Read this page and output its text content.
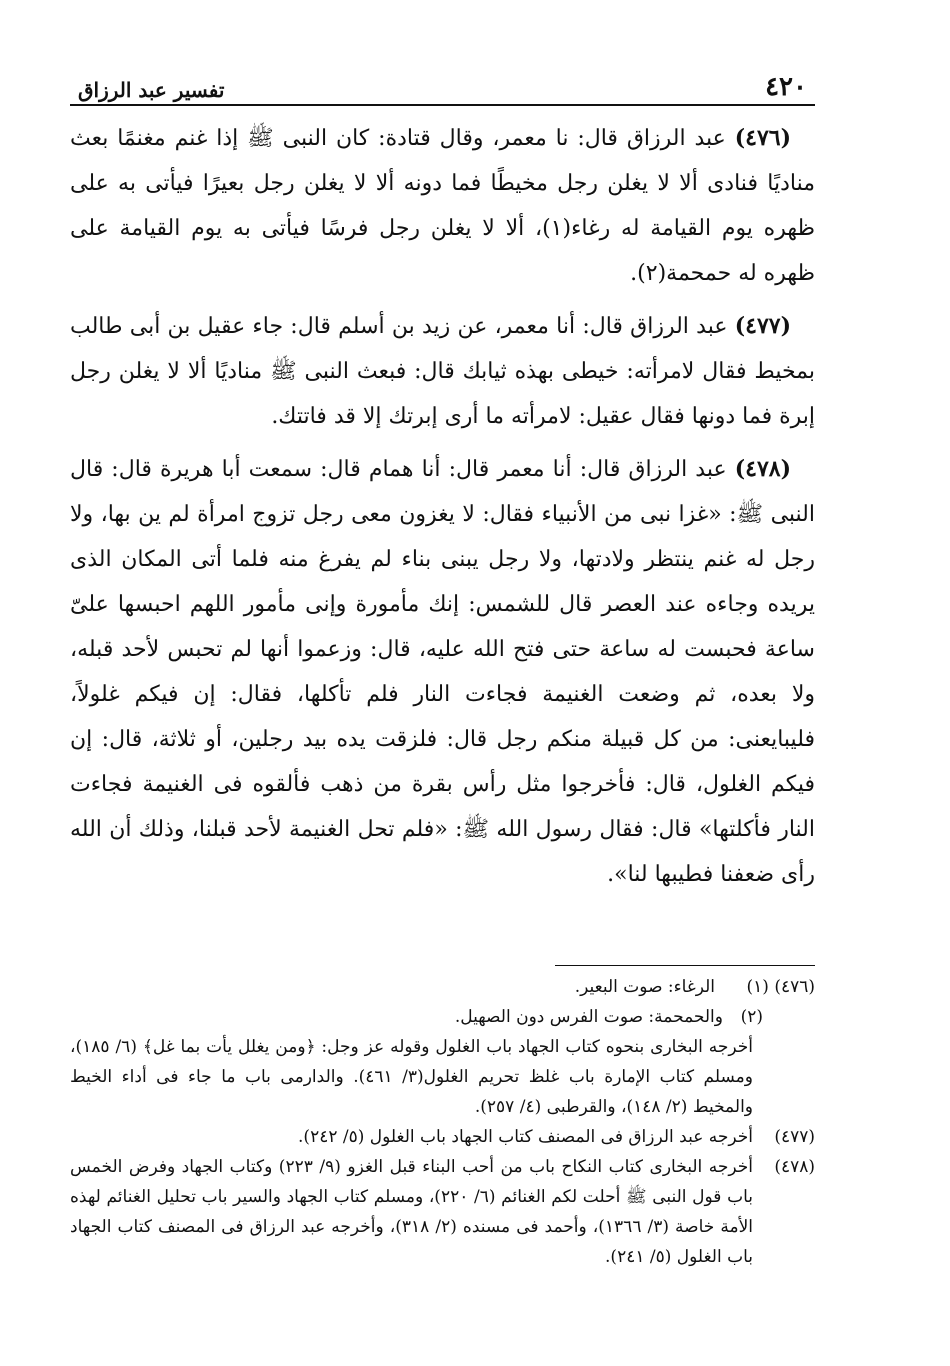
٤٢٠
تفسير عبد الرزاق

(٤٧٦) عبد الرزاق قال: نا معمر، وقال قتادة: كان النبى ﷺ إذا غنم مغنمًا بعث مناديًا فنادى ألا لا يغلن رجل مخيطًا فما دونه ألا لا يغلن رجل بعيرًا فيأتى به على ظهره يوم القيامة له رغاء(١)، ألا لا يغلن رجل فرسًا فيأتى به يوم القيامة على ظهره له حمحمة(٢).

(٤٧٧) عبد الرزاق قال: أنا معمر، عن زيد بن أسلم قال: جاء عقيل بن أبى طالب بمخيط فقال لامرأته: خيطى بهذه ثيابك قال: فبعث النبى ﷺ مناديًا ألا لا يغلن رجل إبرة فما دونها فقال عقيل: لامرأته ما أرى إبرتك إلا قد فاتتك.

(٤٧٨) عبد الرزاق قال: أنا معمر قال: أنا همام قال: سمعت أبا هريرة قال: قال النبى ﷺ: «غزا نبى من الأنبياء فقال: لا يغزون معى رجل تزوج امرأة لم ين بها، ولا رجل له غنم ينتظر ولادتها، ولا رجل يبنى بناء لم يفرغ منه فلما أتى المكان الذى يريده وجاءه عند العصر قال للشمس: إنك مأمورة وإنى مأمور اللهم احبسها علىّ ساعة فحبست له ساعة حتى فتح الله عليه، قال: وزعموا أنها لم تحبس لأحد قبله، ولا بعده، ثم وضعت الغنيمة فجاءت النار فلم تأكلها، فقال: إن فيكم غلولاً، فليبايعنى: من كل قبيلة منكم رجل قال: فلزقت يده بيد رجلين، أو ثلاثة، قال: إن فيكم الغلول، قال: فأخرجوا مثل رأس بقرة من ذهب فألقوه فى الغنيمة فجاءت النار فأكلتها» قال: فقال رسول الله ﷺ: «فلم تحل الغنيمة لأحد قبلنا، وذلك أن الله رأى ضعفنا فطيبها لنا».

(٤٧٦) (١)
الرغاء: صوت البعير.
(٢)
والحمحمة: صوت الفرس دون الصهيل.
أخرجه البخارى بنحوه كتاب الجهاد باب الغلول وقوله عز وجل: ﴿ومن يغلل يأت بما غل﴾ (٦/ ١٨٥)، ومسلم كتاب الإمارة باب غلظ تحريم الغلول(٣/ ٤٦١). والدارمى باب ما جاء فى أداء الخيط والمخيط (٢/ ١٤٨)، والقرطبى (٤/ ٢٥٧).
(٤٧٧)
أخرجه عبد الرزاق فى المصنف كتاب الجهاد باب الغلول (٥/ ٢٤٢).
(٤٧٨)
أخرجه البخارى كتاب النكاح باب من أحب البناء قبل الغزو (٩/ ٢٢٣) وكتاب الجهاد وفرض الخمس باب قول النبى ﷺ أحلت لكم الغنائم (٦/ ٢٢٠)، ومسلم كتاب الجهاد والسير باب تحليل الغنائم لهذه الأمة خاصة (٣/ ١٣٦٦)، وأحمد فى مسنده (٢/ ٣١٨)، وأخرجه عبد الرزاق فى المصنف كتاب الجهاد باب الغلول (٥/ ٢٤١).
